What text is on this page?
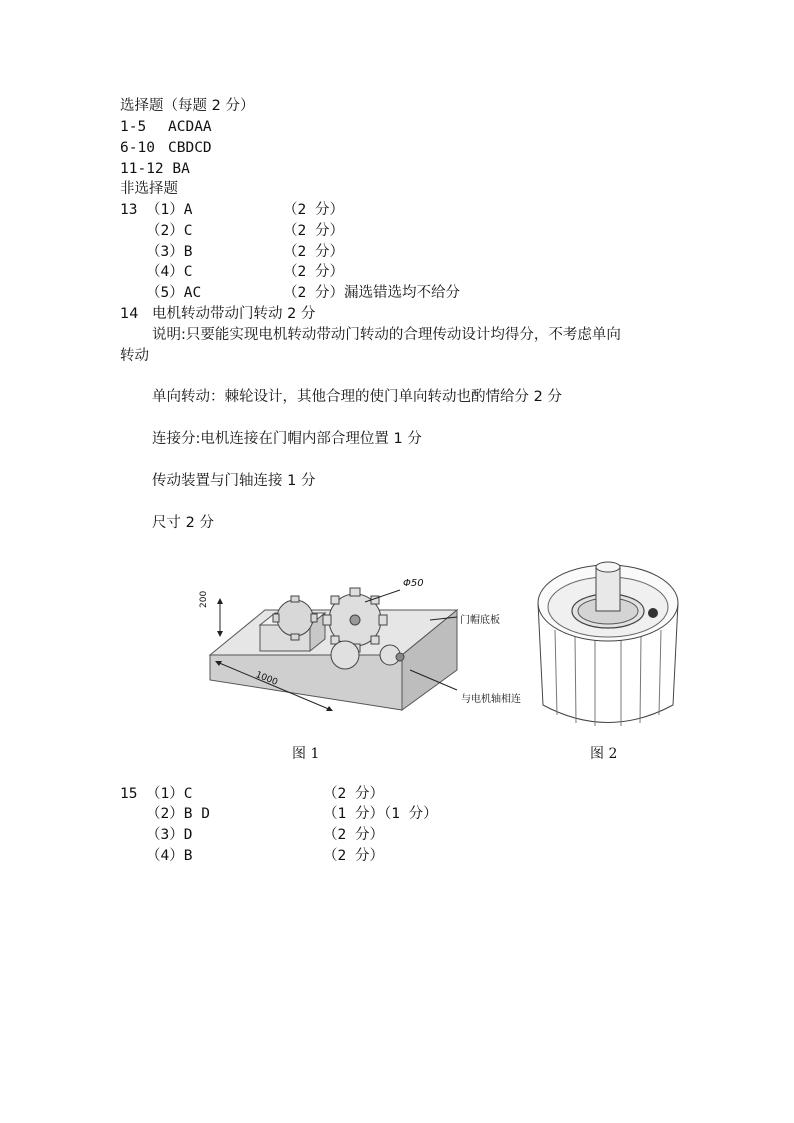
选择题（每题 2 分）
1-5 ACDAA
6-10 CBDCD
11-12 BA
非选择题
13 （1）A	（2 分）
（2）C	（2 分）
（3）B	（2 分）
（4）C	（2 分）
（5）AC	（2 分）漏选错选均不给分
14 电机转动带动门转动 2 分
说明:只要能实现电机转动带动门转动的合理传动设计均得分，不考虑单向
转动
单向转动：棘轮设计，其他合理的使门单向转动也酌情给分 2 分
连接分:电机连接在门帽内部合理位置 1 分
传动装置与门轴连接 1 分
尺寸 2 分
200
1000
Φ50
门帽底板
与电机轴相连
图 1	图 2
15 （1）C	（2 分）
（2）B D	（1 分）（1 分）
（3）D	（2 分）
（4）B	（2 分）
